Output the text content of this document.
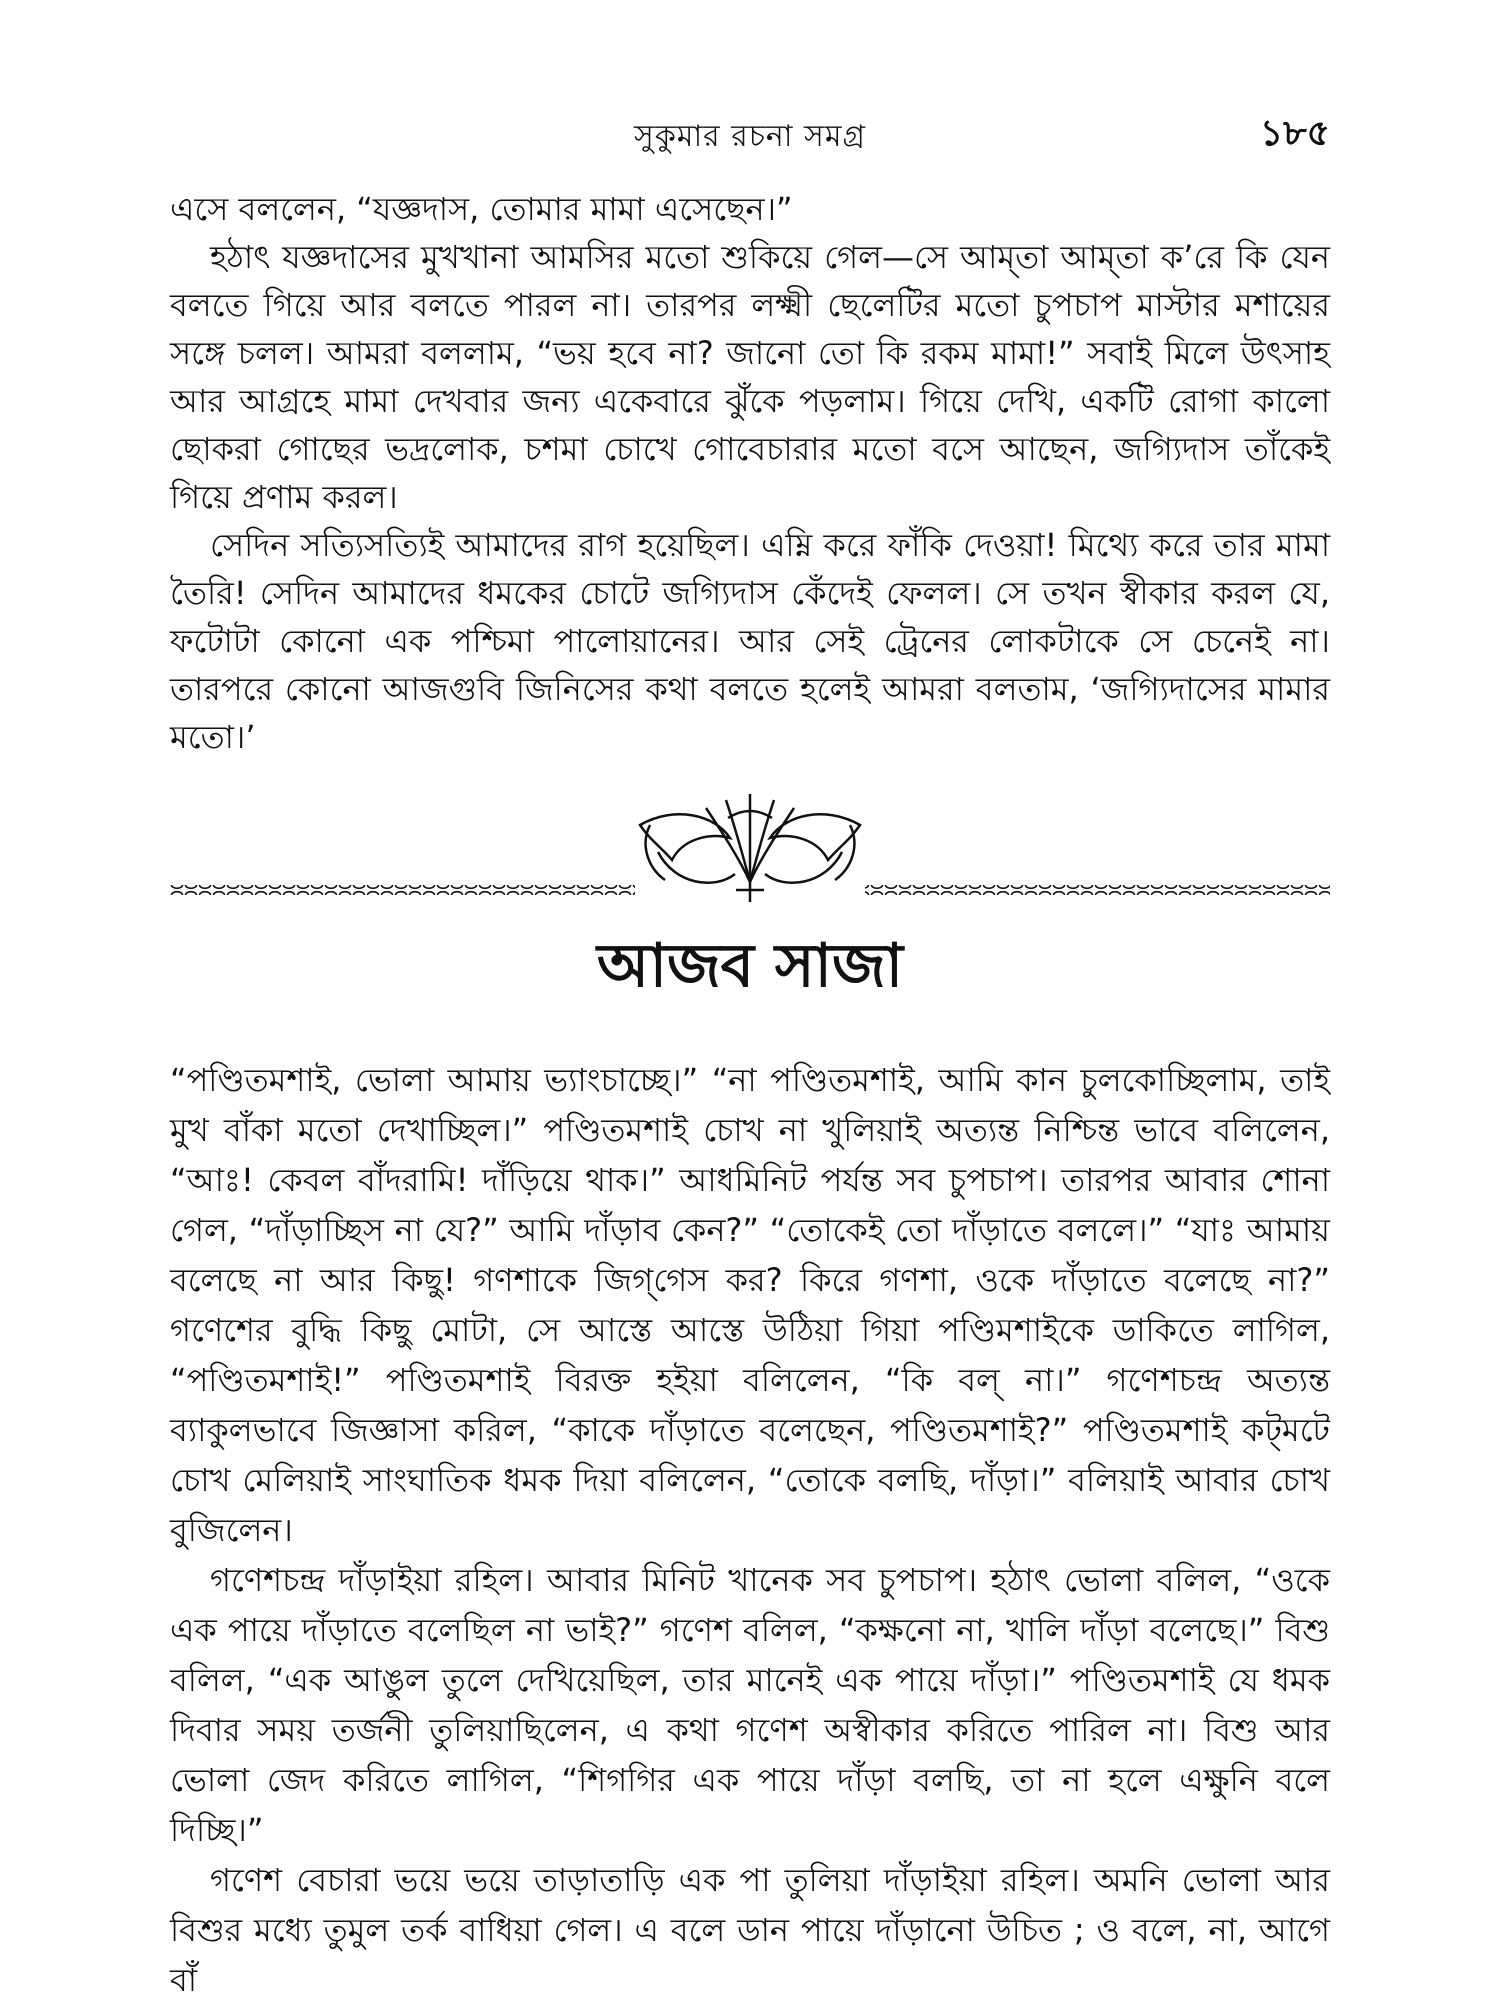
সুকুমার রচনা সমগ্র	১৮৫

এসে বললেন, “যজ্ঞদাস, তোমার মামা এসেছেন।”

হঠাৎ যজ্ঞদাসের মুখখানা আমসির মতো শুকিয়ে গেল—সে আম্‌তা আম্‌তা ক’রে কি যেন বলতে গিয়ে আর বলতে পারল না। তারপর লক্ষ্মী ছেলেটির মতো চুপচাপ মাস্টার মশায়ের সঙ্গে চলল। আমরা বললাম, “ভয় হবে না? জানো তো কি রকম মামা!” সবাই মিলে উৎসাহ আর আগ্রহে মামা দেখবার জন্য একেবারে ঝুঁকে পড়লাম। গিয়ে দেখি, একটি রোগা কালো ছোকরা গোছের ভদ্রলোক, চশমা চোখে গোবেচারার মতো বসে আছেন, জগ্যিদাস তাঁকেই গিয়ে প্রণাম করল।

সেদিন সত্যিসত্যিই আমাদের রাগ হয়েছিল। এম্নি করে ফাঁকি দেওয়া! মিথ্যে করে তার মামা তৈরি! সেদিন আমাদের ধমকের চোটে জগ্যিদাস কেঁদেই ফেলল। সে তখন স্বীকার করল যে, ফটোটা কোনো এক পশ্চিমা পালোয়ানের। আর সেই ট্রেনের লোকটাকে সে চেনেই না। তারপরে কোনো আজগুবি জিনিসের কথা বলতে হলেই আমরা বলতাম, ‘জগ্যিদাসের মামার মতো।’

আজব সাজা

“পণ্ডিতমশাই, ভোলা আমায় ভ্যাংচাচ্ছে।” “না পণ্ডিতমশাই, আমি কান চুলকোচ্ছিলাম, তাই মুখ বাঁকা মতো দেখাচ্ছিল।” পণ্ডিতমশাই চোখ না খুলিয়াই অত্যন্ত নিশ্চিন্ত ভাবে বলিলেন, “আঃ! কেবল বাঁদরামি! দাঁড়িয়ে থাক।” আধমিনিট পর্যন্ত সব চুপচাপ। তারপর আবার শোনা গেল, “দাঁড়াচ্ছিস না যে?” আমি দাঁড়াব কেন?” “তোকেই তো দাঁড়াতে বললে।” “যাঃ আমায় বলেছে না আর কিছু! গণশাকে জিগ্‌গেস কর? কিরে গণশা, ওকে দাঁড়াতে বলেছে না?” গণেশের বুদ্ধি কিছু মোটা, সে আস্তে আস্তে উঠিয়া গিয়া পণ্ডিমশাইকে ডাকিতে লাগিল, “পণ্ডিতমশাই!” পণ্ডিতমশাই বিরক্ত হইয়া বলিলেন, “কি বল্ না।” গণেশচন্দ্র অত্যন্ত ব্যাকুলভাবে জিজ্ঞাসা করিল, “কাকে দাঁড়াতে বলেছেন, পণ্ডিতমশাই?” পণ্ডিতমশাই কট্‌মটে চোখ মেলিয়াই সাংঘাতিক ধমক দিয়া বলিলেন, “তোকে বলছি, দাঁড়া।” বলিয়াই আবার চোখ বুজিলেন।

গণেশচন্দ্র দাঁড়াইয়া রহিল। আবার মিনিট খানেক সব চুপচাপ। হঠাৎ ভোলা বলিল, “ওকে এক পায়ে দাঁড়াতে বলেছিল না ভাই?” গণেশ বলিল, “কক্ষনো না, খালি দাঁড়া বলেছে।” বিশু বলিল, “এক আঙুল তুলে দেখিয়েছিল, তার মানেই এক পায়ে দাঁড়া।” পণ্ডিতমশাই যে ধমক দিবার সময় তর্জনী তুলিয়াছিলেন, এ কথা গণেশ অস্বীকার করিতে পারিল না। বিশু আর ভোলা জেদ করিতে লাগিল, “শিগগির এক পায়ে দাঁড়া বলছি, তা না হলে এক্ষুনি বলে দিচ্ছি।”

গণেশ বেচারা ভয়ে ভয়ে তাড়াতাড়ি এক পা তুলিয়া দাঁড়াইয়া রহিল। অমনি ভোলা আর বিশুর মধ্যে তুমুল তর্ক বাধিয়া গেল। এ বলে ডান পায়ে দাঁড়ানো উচিত ; ও বলে, না, আগে বাঁ
